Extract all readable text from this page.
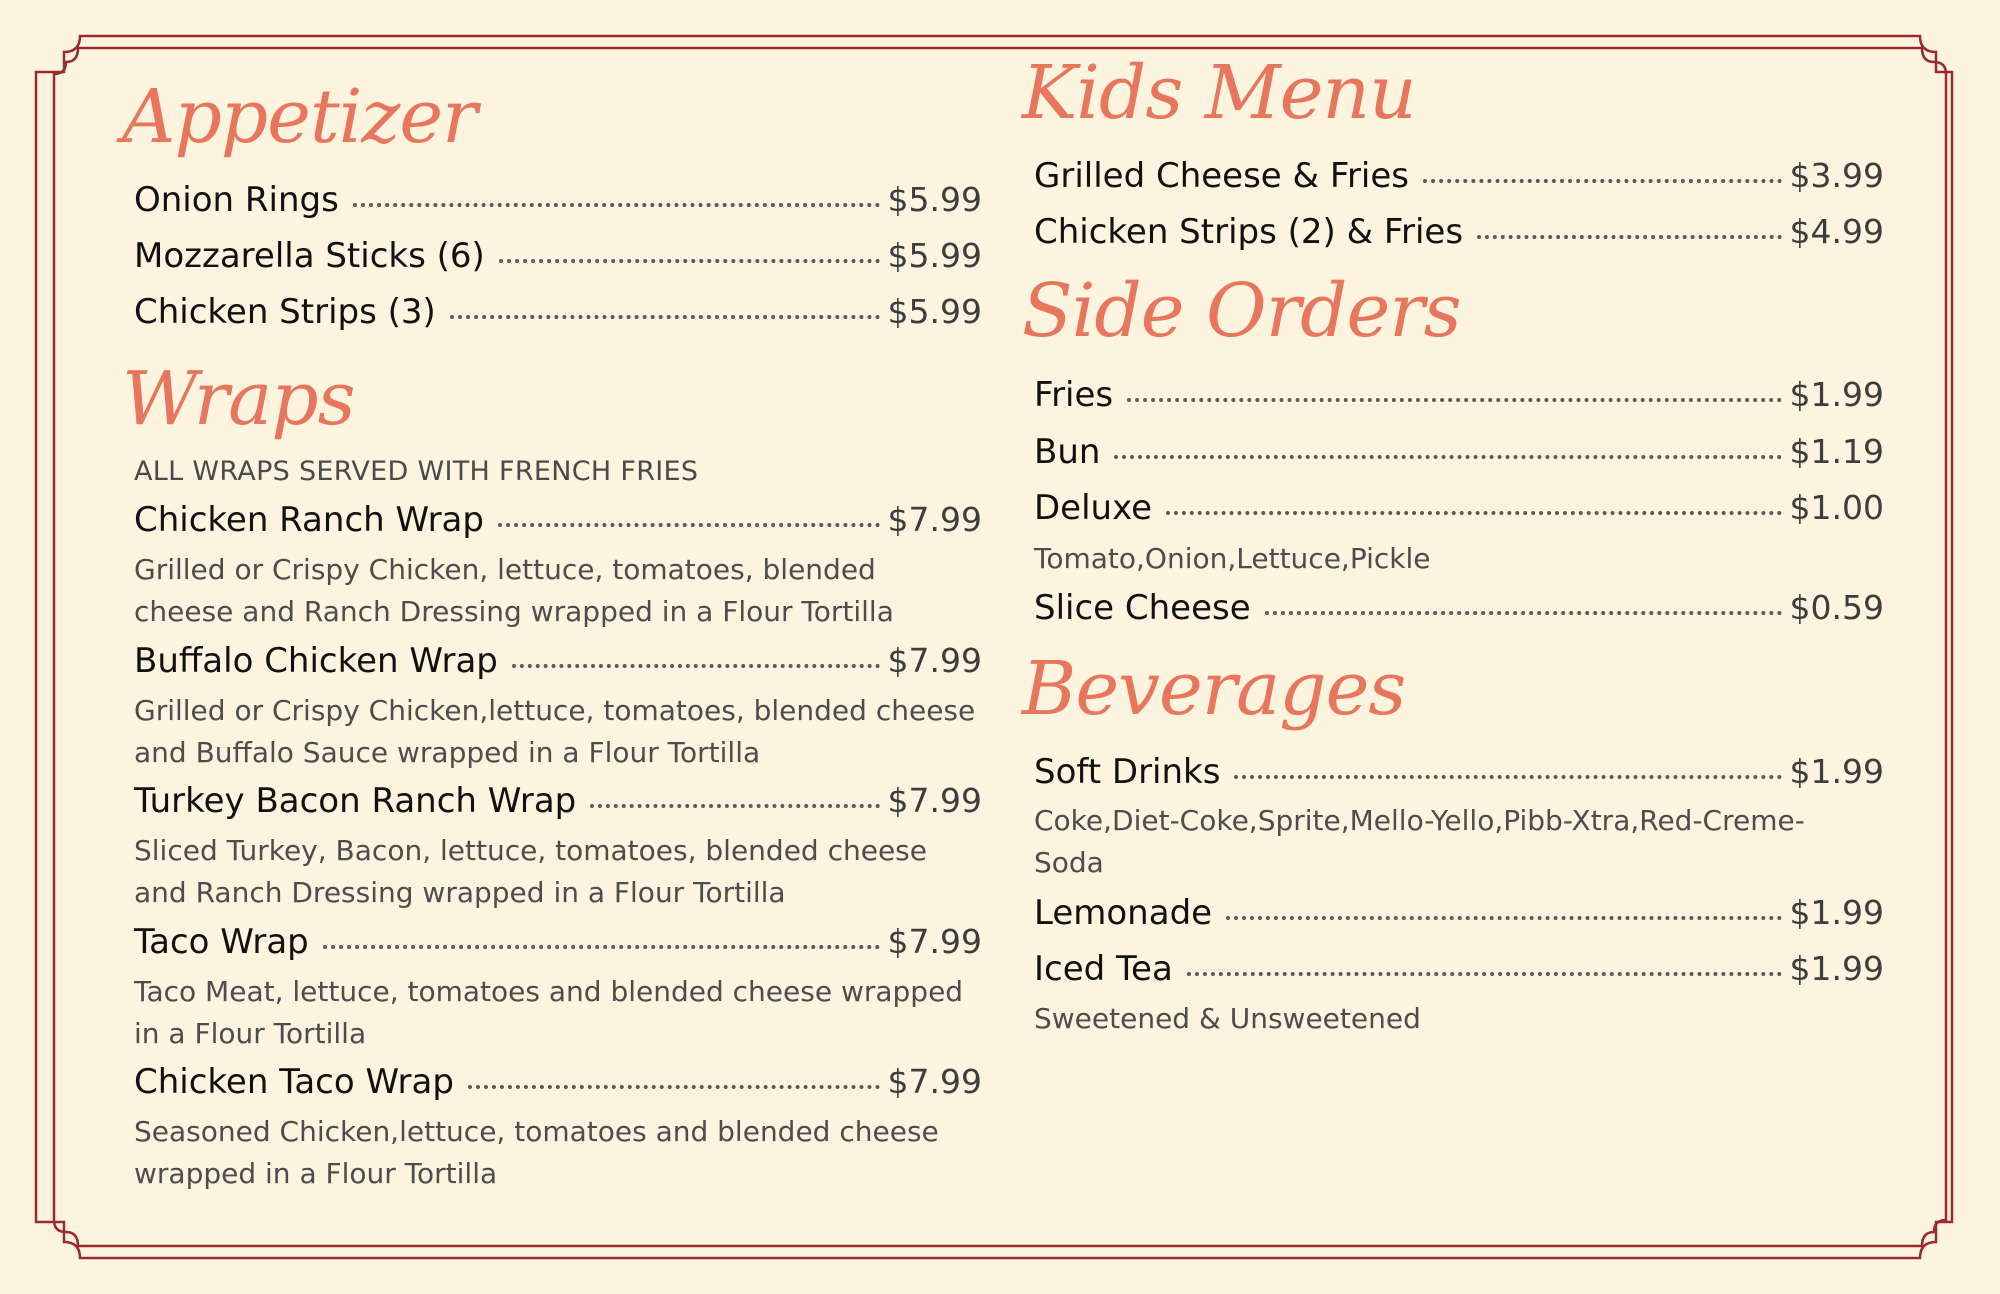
Appetizer
Onion Rings	$5.99
Mozzarella Sticks (6)	$5.99
Chicken Strips (3)	$5.99
Wraps
ALL WRAPS SERVED WITH FRENCH FRIES
Chicken Ranch Wrap	$7.99
Grilled or Crispy Chicken, lettuce, tomatoes, blended cheese and Ranch Dressing wrapped in a Flour Tortilla
Buffalo Chicken Wrap	$7.99
Grilled or Crispy Chicken,lettuce, tomatoes, blended cheese and Buffalo Sauce wrapped in a Flour Tortilla
Turkey Bacon Ranch Wrap	$7.99
Sliced Turkey, Bacon, lettuce, tomatoes, blended cheese and Ranch Dressing wrapped in a Flour Tortilla
Taco Wrap	$7.99
Taco Meat, lettuce, tomatoes and blended cheese wrapped in a Flour Tortilla
Chicken Taco Wrap	$7.99
Seasoned Chicken,lettuce, tomatoes and blended cheese wrapped in a Flour Tortilla
Kids Menu
Grilled Cheese & Fries	$3.99
Chicken Strips (2) & Fries	$4.99
Side Orders
Fries	$1.99
Bun	$1.19
Deluxe	$1.00
Tomato,Onion,Lettuce,Pickle
Slice Cheese	$0.59
Beverages
Soft Drinks	$1.99
Coke,Diet-Coke,Sprite,Mello-Yello,Pibb-Xtra,Red-Creme-Soda
Lemonade	$1.99
Iced Tea	$1.99
Sweetened & Unsweetened
